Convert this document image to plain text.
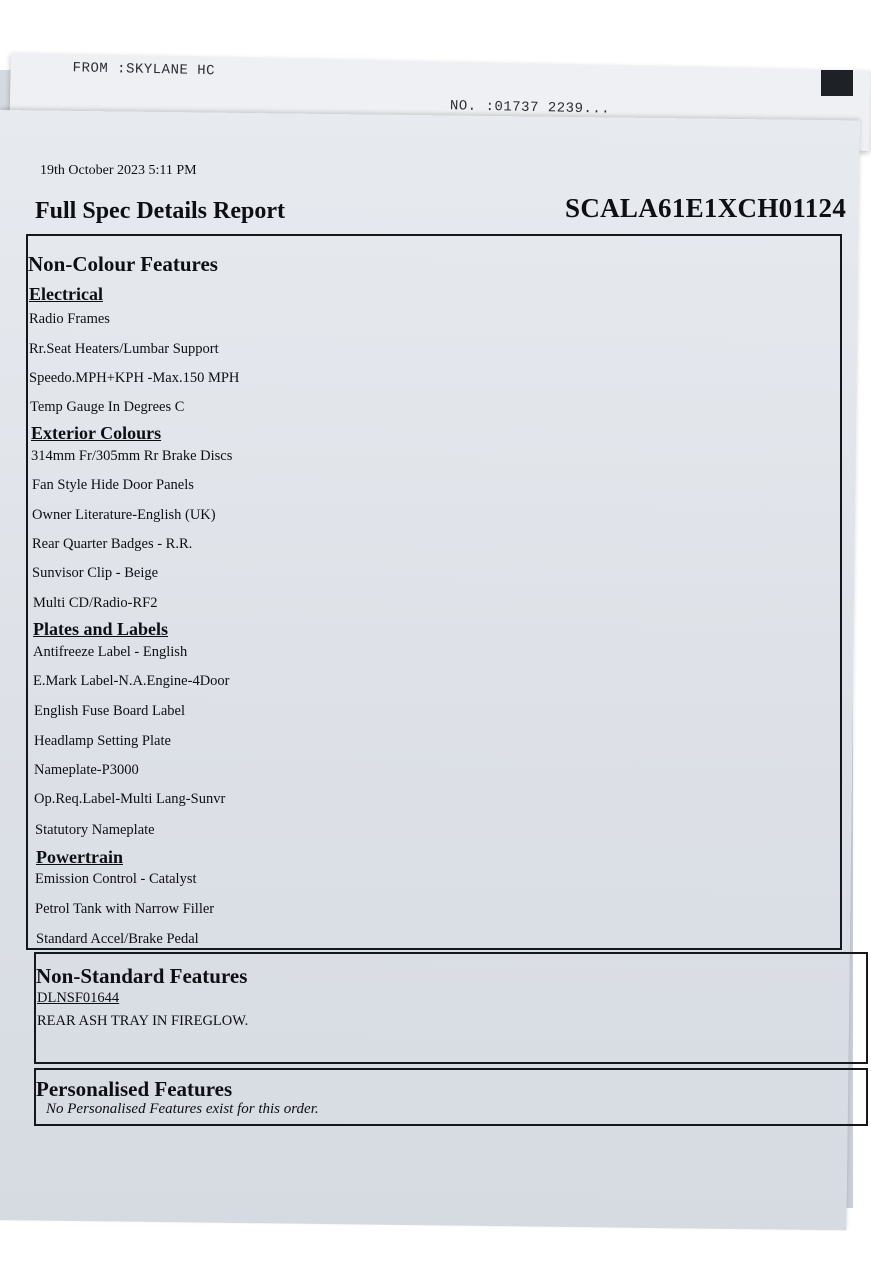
FROM :SKYLANE HC
NO. :01737 2239...
19th October 2023 5:11 PM
Full Spec Details Report	SCALA61E1XCH01124
Non-Colour Features
Electrical
Radio Frames
Rr.Seat Heaters/Lumbar Support
Speedo.MPH+KPH -Max.150 MPH
Temp Gauge In Degrees C
Exterior Colours
314mm Fr/305mm Rr Brake Discs
Fan Style Hide Door Panels
Owner Literature-English (UK)
Rear Quarter Badges - R.R.
Sunvisor Clip - Beige
Multi CD/Radio-RF2
Plates and Labels
Antifreeze Label - English
E.Mark Label-N.A.Engine-4Door
English Fuse Board Label
Headlamp Setting Plate
Nameplate-P3000
Op.Req.Label-Multi Lang-Sunvr
Statutory Nameplate
Powertrain
Emission Control - Catalyst
Petrol Tank with Narrow Filler
Standard Accel/Brake Pedal
Non-Standard Features
DLNSF01644
REAR ASH TRAY IN FIREGLOW.
Personalised Features
No Personalised Features exist for this order.
